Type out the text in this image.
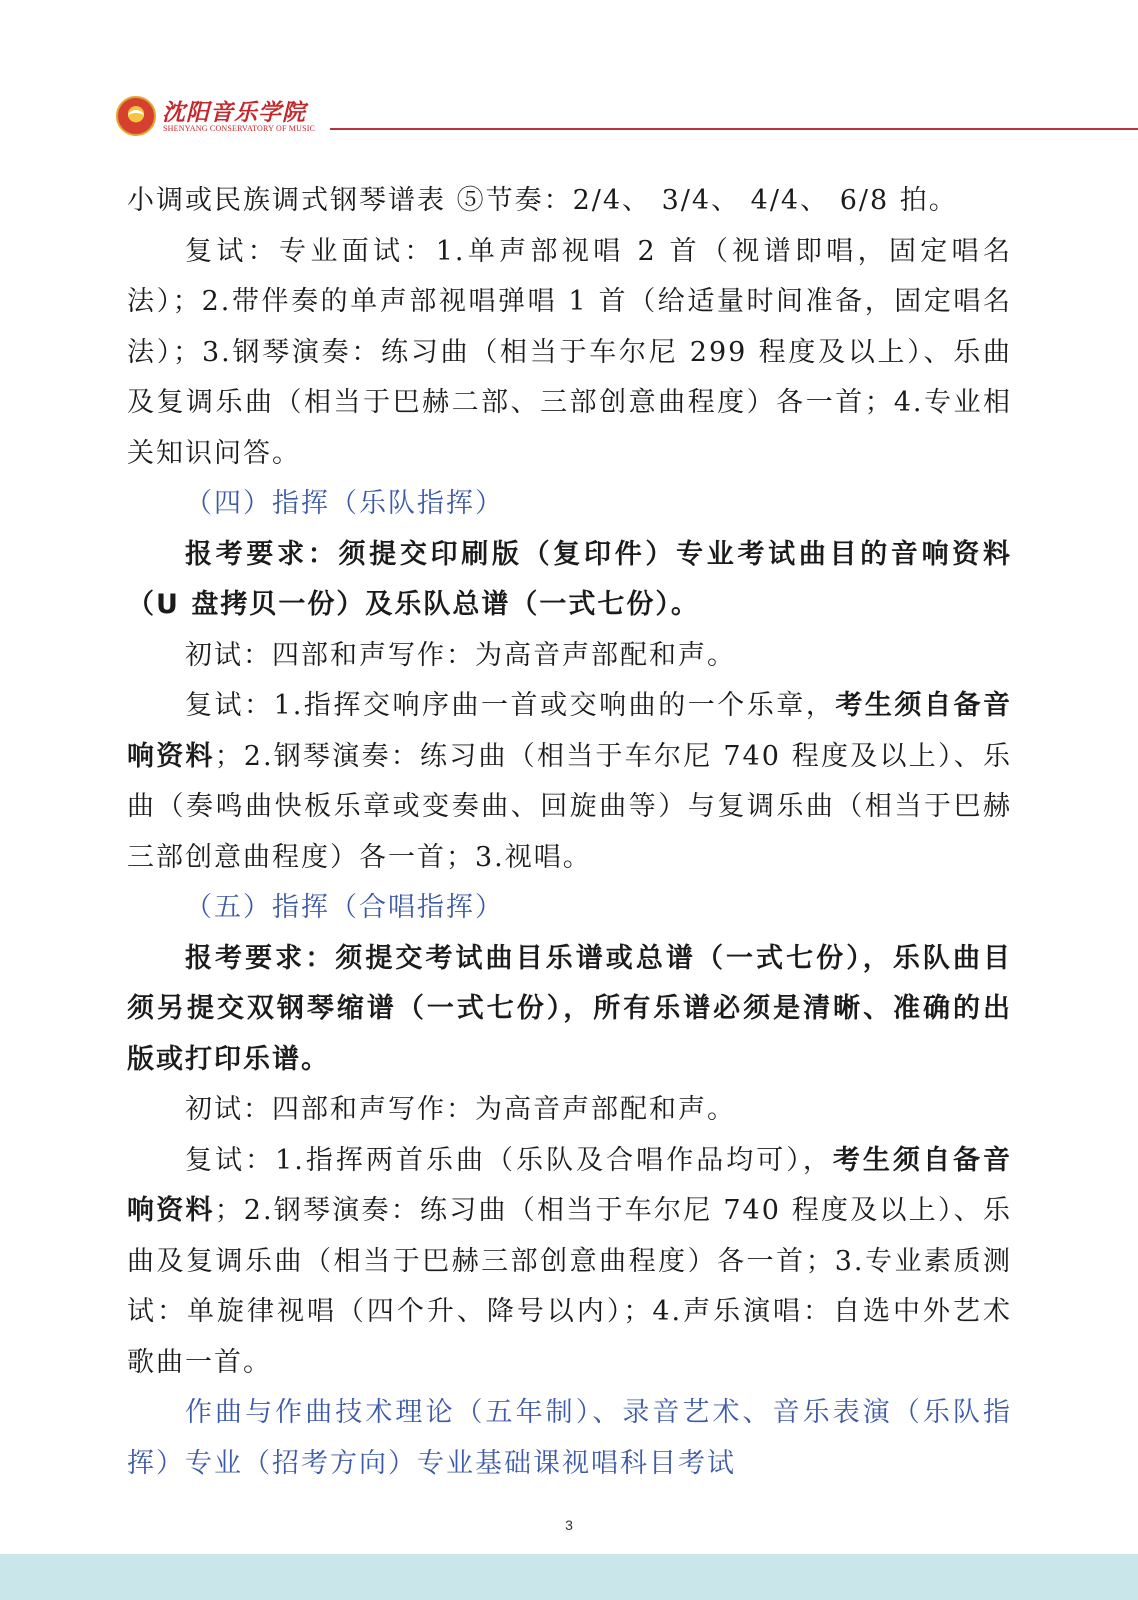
沈阳音乐学院
SHENYANG CONSERVATORY OF MUSIC

小调或民族调式钢琴谱表 ⑤节奏：2/4、 3/4、 4/4、 6/8 拍。

复试：专业面试：1.单声部视唱 2 首（视谱即唱，固定唱名法）；2.带伴奏的单声部视唱弹唱 1 首（给适量时间准备，固定唱名法）；3.钢琴演奏：练习曲（相当于车尔尼 299 程度及以上）、乐曲及复调乐曲（相当于巴赫二部、三部创意曲程度）各一首；4.专业相关知识问答。

（四）指挥（乐队指挥）

报考要求：须提交印刷版（复印件）专业考试曲目的音响资料（U 盘拷贝一份）及乐队总谱（一式七份）。

初试：四部和声写作：为高音声部配和声。

复试：1.指挥交响序曲一首或交响曲的一个乐章，考生须自备音响资料；2.钢琴演奏：练习曲（相当于车尔尼 740 程度及以上）、乐曲（奏鸣曲快板乐章或变奏曲、回旋曲等）与复调乐曲（相当于巴赫三部创意曲程度）各一首；3.视唱。

（五）指挥（合唱指挥）

报考要求：须提交考试曲目乐谱或总谱（一式七份），乐队曲目须另提交双钢琴缩谱（一式七份），所有乐谱必须是清晰、准确的出版或打印乐谱。

初试：四部和声写作：为高音声部配和声。

复试：1.指挥两首乐曲（乐队及合唱作品均可），考生须自备音响资料；2.钢琴演奏：练习曲（相当于车尔尼 740 程度及以上）、乐曲及复调乐曲（相当于巴赫三部创意曲程度）各一首；3.专业素质测试：单旋律视唱（四个升、降号以内）；4.声乐演唱：自选中外艺术歌曲一首。

作曲与作曲技术理论（五年制）、录音艺术、音乐表演（乐队指挥）专业（招考方向）专业基础课视唱科目考试

3
